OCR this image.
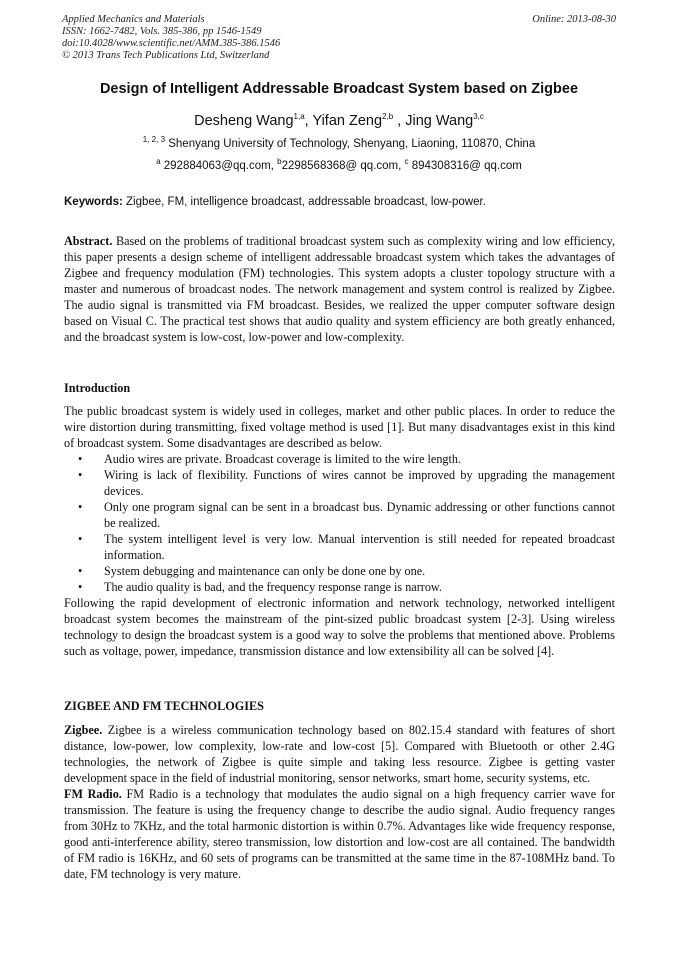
Applied Mechanics and Materials
ISSN: 1662-7482, Vols. 385-386, pp 1546-1549
doi:10.4028/www.scientific.net/AMM.385-386.1546
© 2013 Trans Tech Publications Ltd, Switzerland
Online: 2013-08-30
Design of Intelligent Addressable Broadcast System based on Zigbee
Desheng Wang$^{1,a}$, Yifan Zeng$^{2,b}$ , Jing Wang$^{3,c}$
$^{1, 2, 3}$ Shenyang University of Technology, Shenyang, Liaoning, 110870, China
$^a$ 292884063@qq.com, $^b$2298568368@ qq.com, $^c$ 894308316@ qq.com
Keywords: Zigbee, FM, intelligence broadcast, addressable broadcast, low-power.

Abstract. Based on the problems of traditional broadcast system such as complexity wiring and low efficiency, this paper presents a design scheme of intelligent addressable broadcast system which takes the advantages of Zigbee and frequency modulation (FM) technologies. This system adopts a cluster topology structure with a master and numerous of broadcast nodes. The network management and system control is realized by Zigbee. The audio signal is transmitted via FM broadcast. Besides, we realized the upper computer software design based on Visual C. The practical test shows that audio quality and system efficiency are both greatly enhanced, and the broadcast system is low-cost, low-power and low-complexity.

Introduction

The public broadcast system is widely used in colleges, market and other public places. In order to reduce the wire distortion during transmitting, fixed voltage method is used [1]. But many disadvantages exist in this kind of broadcast system. Some disadvantages are described as below.

• Audio wires are private. Broadcast coverage is limited to the wire length.
• Wiring is lack of flexibility. Functions of wires cannot be improved by upgrading the management devices.
• Only one program signal can be sent in a broadcast bus. Dynamic addressing or other functions cannot be realized.
• The system intelligent level is very low. Manual intervention is still needed for repeated broadcast information.
• System debugging and maintenance can only be done one by one.
• The audio quality is bad, and the frequency response range is narrow.

Following the rapid development of electronic information and network technology, networked intelligent broadcast system becomes the mainstream of the pint-sized public broadcast system [2-3]. Using wireless technology to design the broadcast system is a good way to solve the problems that mentioned above. Problems such as voltage, power, impedance, transmission distance and low extensibility all can be solved [4].

ZIGBEE AND FM TECHNOLOGIES

Zigbee. Zigbee is a wireless communication technology based on 802.15.4 standard with features of short distance, low-power, low complexity, low-rate and low-cost [5]. Compared with Bluetooth or other 2.4G technologies, the network of Zigbee is quite simple and taking less resource. Zigbee is getting vaster development space in the field of industrial monitoring, sensor networks, smart home, security systems, etc.

FM Radio. FM Radio is a technology that modulates the audio signal on a high frequency carrier wave for transmission. The feature is using the frequency change to describe the audio signal. Audio frequency ranges from 30Hz to 7KHz, and the total harmonic distortion is within 0.7%. Advantages like wide frequency response, good anti-interference ability, stereo transmission, low distortion and low-cost are all contained. The bandwidth of FM radio is 16KHz, and 60 sets of programs can be transmitted at the same time in the 87-108MHz band. To date, FM technology is very mature.
